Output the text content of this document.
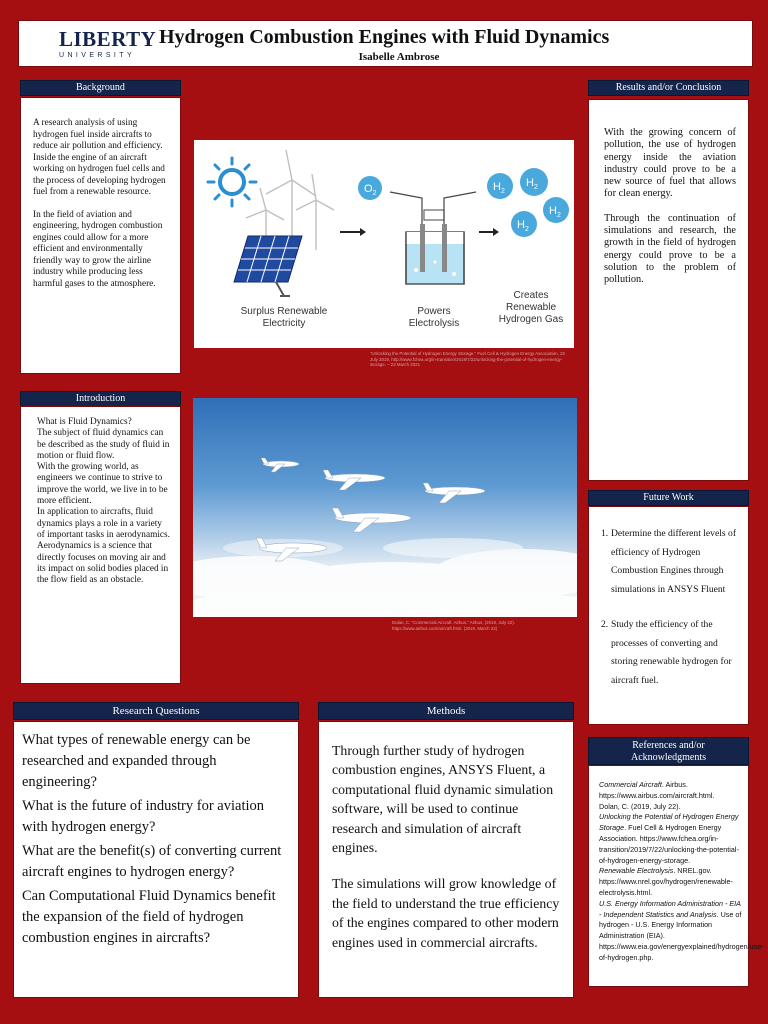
LIBERTY
UNIVERSITY
Hydrogen Combustion Engines with Fluid Dynamics
Isabelle Ambrose
Background

A research analysis of using hydrogen fuel inside aircrafts to reduce air pollution and efficiency. Inside the engine of an aircraft working on hydrogen fuel cells and the process of developing hydrogen fuel from a renewable resource.

In the field of aviation and engineering, hydrogen combustion engines could allow for a more efficient and environmentally friendly way to grow the airline industry while producing less harmful gases to the atmosphere.

$O_2$
$H_2$
$H_2$
$H_2$
$H_2$
Surplus Renewable
Electricity
Powers
Electrolysis
Creates
Renewable
Hydrogen Gas
"Unlocking the Potential of Hydrogen Energy Storage." Fuel Cell & Hydrogen Energy Association, 22 July 2019, http://www.fchea.org/in-transition/2019/7/22/unlocking-the-potential-of-hydrogen-energy-storage. – 23 March 2021
Results and/or Conclusion

With the growing concern of pollution, the use of hydrogen energy inside the aviation industry could prove to be a new source of fuel that allows for clean energy.

Through the continuation of simulations and research, the growth in the field of hydrogen energy could prove to be a solution to the problem of pollution.

Introduction
What is Fluid Dynamics?
The subject of fluid dynamics can be described as the study of fluid in motion or fluid flow.
With the growing world, as engineers we continue to strive to improve the world, we live in to be more efficient.
In application to aircrafts, fluid dynamics plays a role in a variety of important tasks in aerodynamics.
Aerodynamics is a science that directly focuses on moving air and its impact on solid bodies placed in the flow field as an obstacle.
Dolan, C. "Commercial Aircraft. Airbus." Airbus, (2019, July 22). https://www.airbus.com/aircraft.html. (2019, March 23)
Future Work
1. Determine the different levels of efficiency of Hydrogen Combustion Engines through simulations in ANSYS Fluent
2. Study the efficiency of the processes of converting and storing renewable hydrogen for aircraft fuel.
Research Questions

What types of renewable energy can be researched and expanded through engineering?

What is the future of industry for aviation with hydrogen energy?

What are the benefit(s) of converting current aircraft engines to hydrogen energy?

Can Computational Fluid Dynamics benefit the expansion of the field of hydrogen combustion engines in aircrafts?

Methods

Through further study of hydrogen combustion engines, ANSYS Fluent, a computational fluid dynamic simulation software, will be used to continue research and simulation of aircraft engines.

The simulations will grow knowledge of the field to understand the true efficiency of the engines compared to other modern engines used in commercial aircrafts.

References and/or Acknowledgments
Commercial Aircraft. Airbus. https://www.airbus.com/aircraft.html.
Dolan, C. (2019, July 22).
Unlocking the Potential of Hydrogen Energy Storage. Fuel Cell & Hydrogen Energy Association. https://www.fchea.org/in-transition/2019/7/22/unlocking-the-potential-of-hydrogen-energy-storage.
Renewable Electrolysis. NREL.gov. https://www.nrel.gov/hydrogen/renewable-electrolysis.html.
U.S. Energy Information Administration - EIA - Independent Statistics and Analysis. Use of hydrogen - U.S. Energy Information Administration (EIA). https://www.eia.gov/energyexplained/hydrogen/use-of-hydrogen.php.
